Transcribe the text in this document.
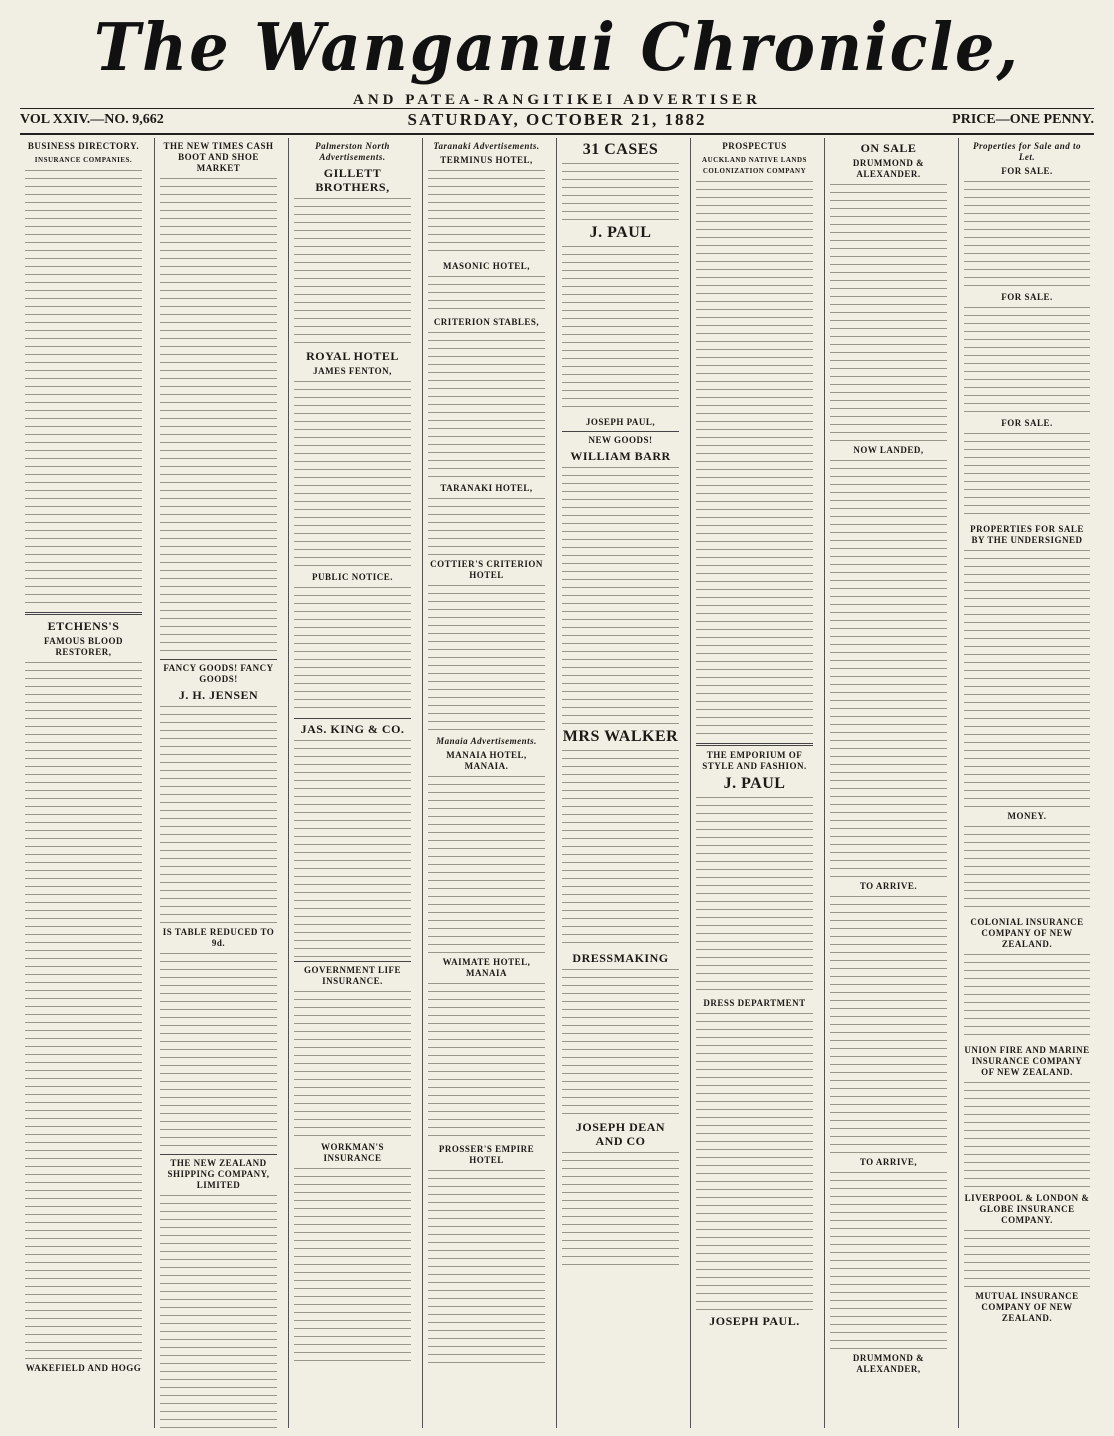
The Wanganui Chronicle,
AND PATEA-RANGITIKEI ADVERTISER
VOL XXIV.—NO. 9,662	SATURDAY, OCTOBER 21, 1882	PRICE—ONE PENNY.
BUSINESS DIRECTORY.
INSURANCE COMPANIES.
ETCHENS'S
FAMOUS BLOOD RESTORER,
WAKEFIELD AND HOGG
THE NEW TIMES CASH BOOT AND SHOE MARKET
FANCY GOODS! FANCY GOODS!
J. H. JENSEN
IS TABLE REDUCED TO 9d.
THE NEW ZEALAND SHIPPING COMPANY, LIMITED
Palmerston North Advertisements.
GILLETT BROTHERS,
ROYAL HOTEL
JAMES FENTON,
PUBLIC NOTICE.
JAS. KING & CO.
GOVERNMENT LIFE INSURANCE.
WORKMAN'S INSURANCE
Taranaki Advertisements.
TERMINUS HOTEL,
MASONIC HOTEL,
CRITERION STABLES,
TARANAKI HOTEL,
COTTIER'S CRITERION HOTEL
Manaia Advertisements.
MANAIA HOTEL, MANAIA.
WAIMATE HOTEL, MANAIA
PROSSER'S EMPIRE HOTEL
31 CASES
J. PAUL
JOSEPH PAUL,
NEW GOODS!
WILLIAM BARR
MRS WALKER
DRESSMAKING
JOSEPH DEAN AND CO
PROSPECTUS
AUCKLAND NATIVE LANDS COLONIZATION COMPANY
THE EMPORIUM OF STYLE AND FASHION.
J. PAUL
DRESS DEPARTMENT
JOSEPH PAUL.
ON SALE
DRUMMOND & ALEXANDER.
NOW LANDED,
TO ARRIVE.
TO ARRIVE,
DRUMMOND & ALEXANDER,
Properties for Sale and to Let.
FOR SALE.
FOR SALE.
FOR SALE.
PROPERTIES FOR SALE BY THE UNDERSIGNED
MONEY.
COLONIAL INSURANCE COMPANY OF NEW ZEALAND.
UNION FIRE AND MARINE INSURANCE COMPANY OF NEW ZEALAND.
LIVERPOOL & LONDON & GLOBE INSURANCE COMPANY.
MUTUAL INSURANCE COMPANY OF NEW ZEALAND.
